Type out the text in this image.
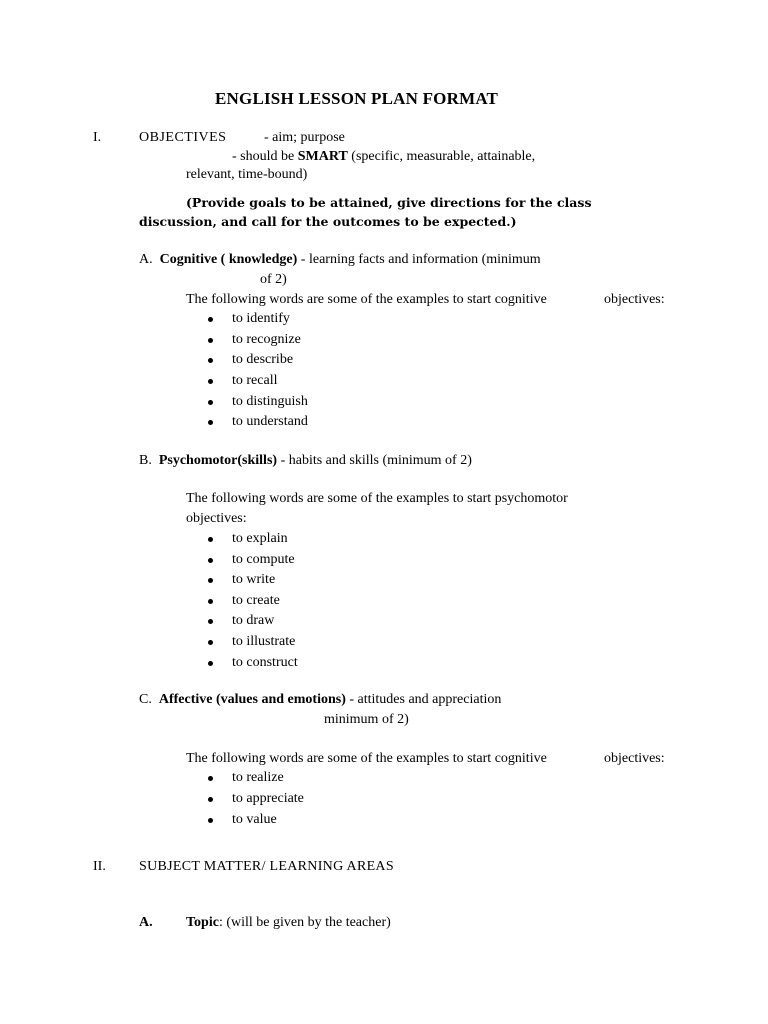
ENGLISH LESSON PLAN FORMAT
I.	OBJECTIVES	- aim; purpose
- should be SMART (specific, measurable, attainable,
relevant, time-bound)
(Provide goals to be attained, give directions for the class
discussion, and call for the outcomes to be expected.)
A. Cognitive ( knowledge) - learning facts and information (minimum
of 2)
The following words are some of the examples to start cognitive	objectives:
to identify
to recognize
to describe
to recall
to distinguish
to understand
B. Psychomotor(skills) - habits and skills (minimum of 2)
The following words are some of the examples to start psychomotor
objectives:
to explain
to compute
to write
to create
to draw
to illustrate
to construct
C. Affective (values and emotions) - attitudes and appreciation
minimum of 2)
The following words are some of the examples to start cognitive	objectives:
to realize
to appreciate
to value
II. SUBJECT MATTER/ LEARNING AREAS
A. Topic: (will be given by the teacher)
